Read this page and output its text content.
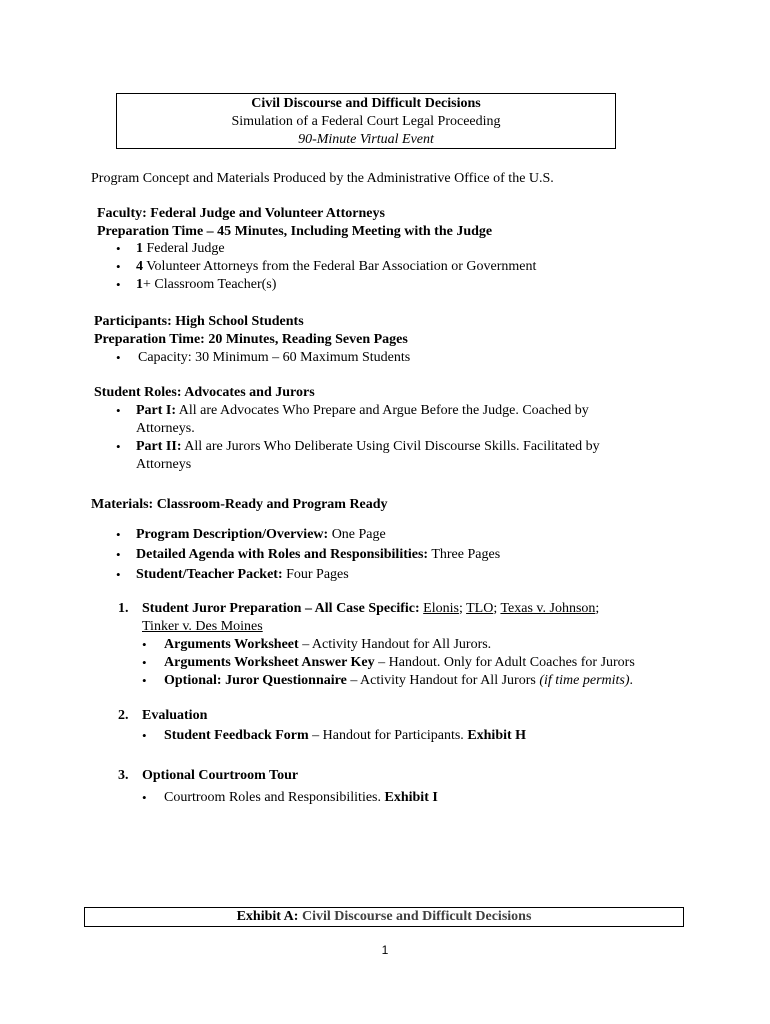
Civil Discourse and Difficult Decisions
Simulation of a Federal Court Legal Proceeding
90-Minute Virtual Event
Program Concept and Materials Produced by the Administrative Office of the U.S.
Faculty: Federal Judge and Volunteer Attorneys
Preparation Time – 45 Minutes, Including Meeting with the Judge
• 1 Federal Judge
• 4 Volunteer Attorneys from the Federal Bar Association or Government
• 1+ Classroom Teacher(s)
Participants: High School Students
Preparation Time: 20 Minutes, Reading Seven Pages
• Capacity: 30 Minimum – 60 Maximum Students
Student Roles: Advocates and Jurors
• Part I: All are Advocates Who Prepare and Argue Before the Judge. Coached by
Attorneys.
• Part II: All are Jurors Who Deliberate Using Civil Discourse Skills. Facilitated by
Attorneys
Materials: Classroom-Ready and Program Ready
• Program Description/Overview: One Page
• Detailed Agenda with Roles and Responsibilities: Three Pages
• Student/Teacher Packet: Four Pages
1. Student Juror Preparation – All Case Specific: Elonis; TLO; Texas v. Johnson;
Tinker v. Des Moines
• Arguments Worksheet – Activity Handout for All Jurors.
• Arguments Worksheet Answer Key – Handout. Only for Adult Coaches for Jurors
• Optional: Juror Questionnaire – Activity Handout for All Jurors (if time permits).
2. Evaluation
• Student Feedback Form – Handout for Participants. Exhibit H
3. Optional Courtroom Tour
• Courtroom Roles and Responsibilities. Exhibit I
Exhibit A: Civil Discourse and Difficult Decisions
1
